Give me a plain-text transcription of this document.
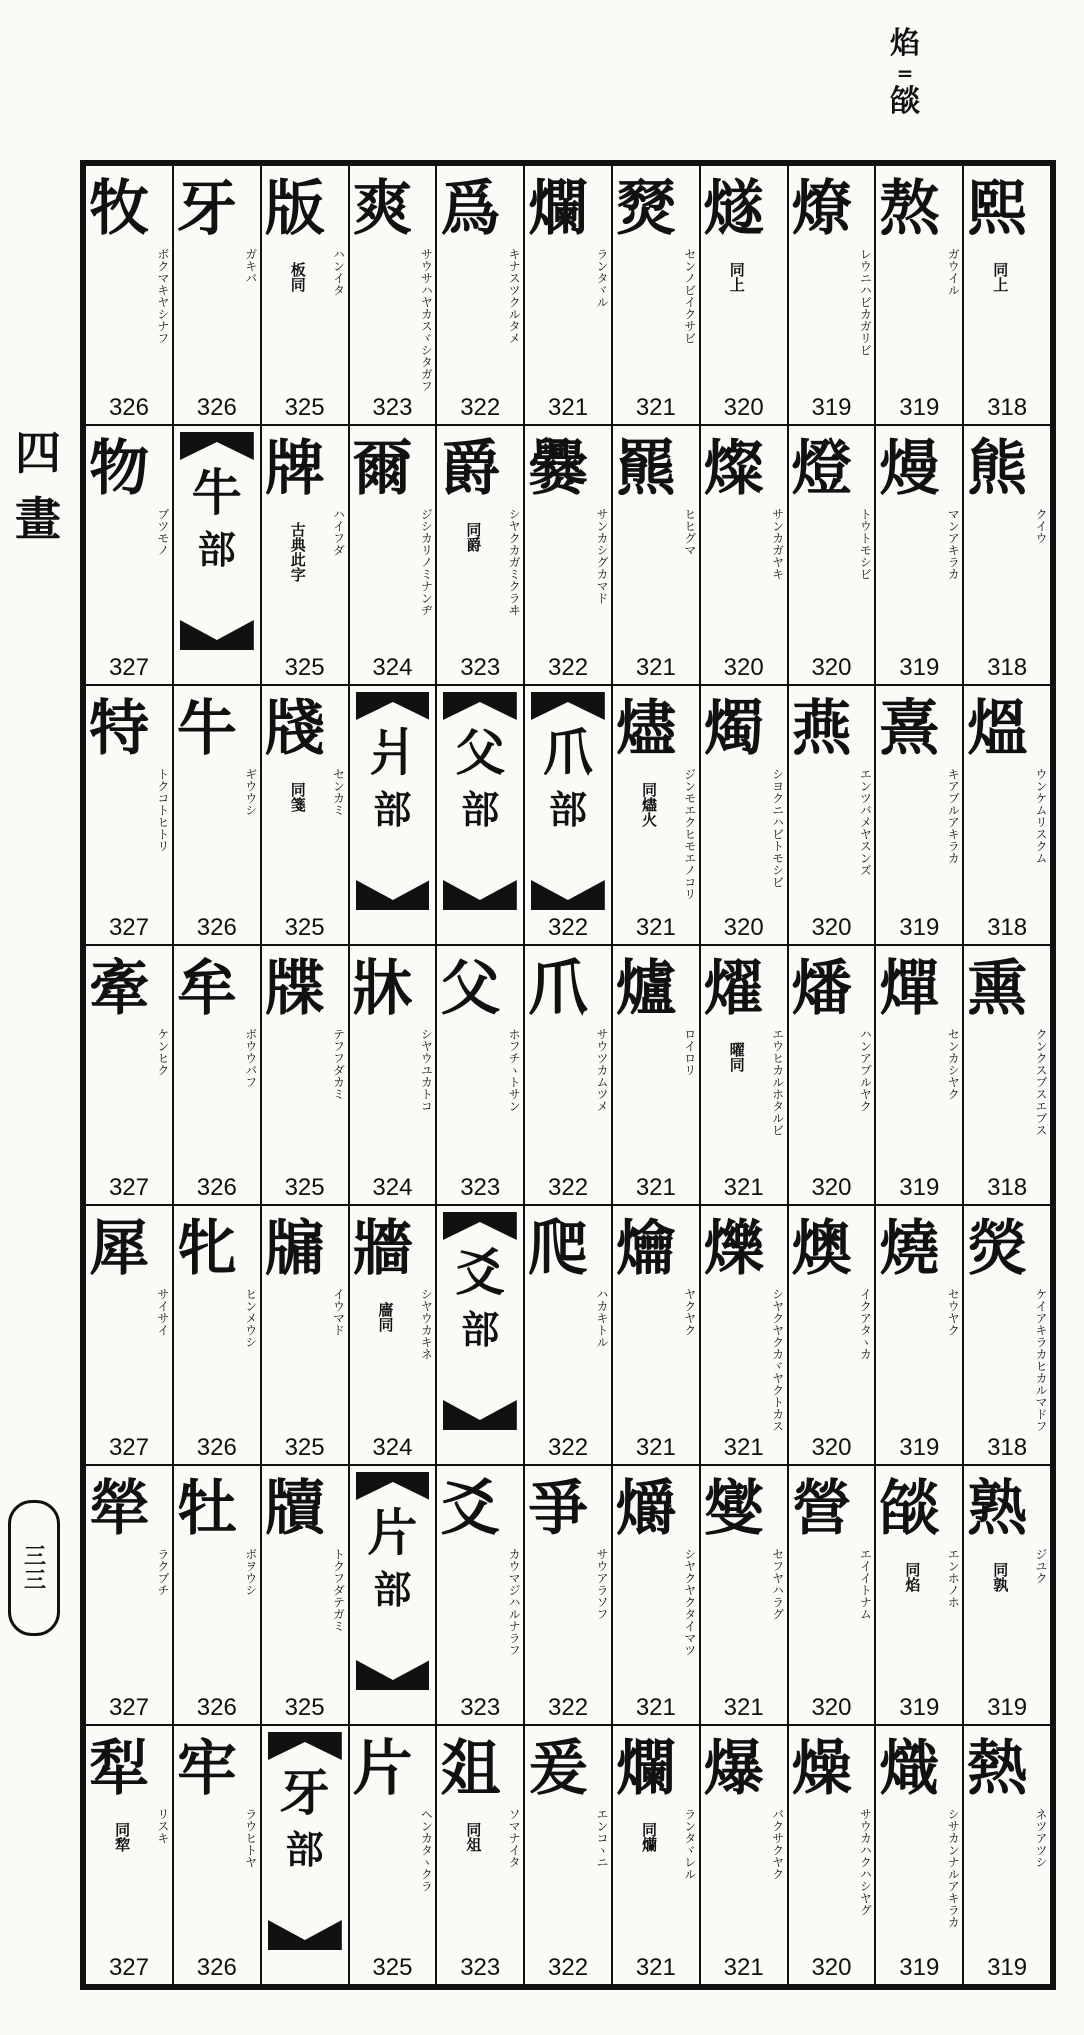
焰
=
燄
四
畫
三三
熙
同上
318
熊
クイウ
318
熅
ウンケムリスクム
318
熏
クンクスブスエブス
318
熒
ケイアキラカヒカルマドフ
318
熟
ジユク
同孰
319
熱
ネツアツシ
319
熬
ガウイル
319
熳
マンアキラカ
319
熹
キアブルアキラカ
319
燀
センカシヤク
319
燒
セウヤク
319
燄
エンホノホ
同焰
319
熾
シサカンナルアキラカ
319
燎
レウニハビカガリビ
319
燈
トウトモシビ
320
燕
エンツバメヤスンズ
320
燔
ハンアブルヤク
320
燠
イクアタヽカ
320
營
エイイトナム
320
燥
サウカハクハシヤグ
320
燧
同上
320
燦
サンカガヤキ
320
燭
シヨクニハビトモシビ
320
燿
エウヒカルホタルビ
曜同
321
爍
シヤクヤクカヾヤクトカス
321
燮
セフヤハラグ
321
爆
バクサクヤク
321
燹
センノビイクサビ
321
羆
ヒヒグマ
321
燼
ジンモエクヒモエノコリ
同燼火
321
爐
ロイロリ
321
爚
ヤクヤク
321
爝
シヤクヤクタイマツ
321
爛
ランタヾレル
同爤
321
爛
ランタヾル
321
爨
サンカシグカマド
322
爪
部
322
爪
サウツカムツメ
322
爬
ハカキトル
322
爭
サウアラソフ
322
爰
エンコヽニ
322
爲
キナスツクルタメ
322
爵
シヤクカガミクラヰ
同爵
323
父
部
父
ホフチヽトサン
323
爻
部
爻
カウマジハルナラフ
323
爼
ソマナイタ
同俎
323
爽
サウサハヤカスヾシタガフ
323
爾
ジシカリノミナンヂ
324
爿
部
牀
シヤウユカトコ
324
牆
シヤウカキネ
廧同
324
片
部
片
ヘンカタヽクラ
325
版
ハンイタ
板同
325
牌
ハイフダ
古典此字
325
牋
センカミ
同箋
325
牒
テフフダカミ
325
牖
イウマド
325
牘
トクフダテガミ
325
牙
部
牙
ガキバ
326
牛
部
牛
ギウウシ
326
牟
ボウウバフ
326
牝
ヒンメウシ
326
牡
ボヲウシ
326
牢
ラウヒトヤ
326
牧
ボクマキヤシナフ
326
物
ブツモノ
327
特
トクコトヒトリ
327
牽
ケンヒク
327
犀
サイサイ
327
犖
ラクブチ
327
犁
リスキ
同犂
327
